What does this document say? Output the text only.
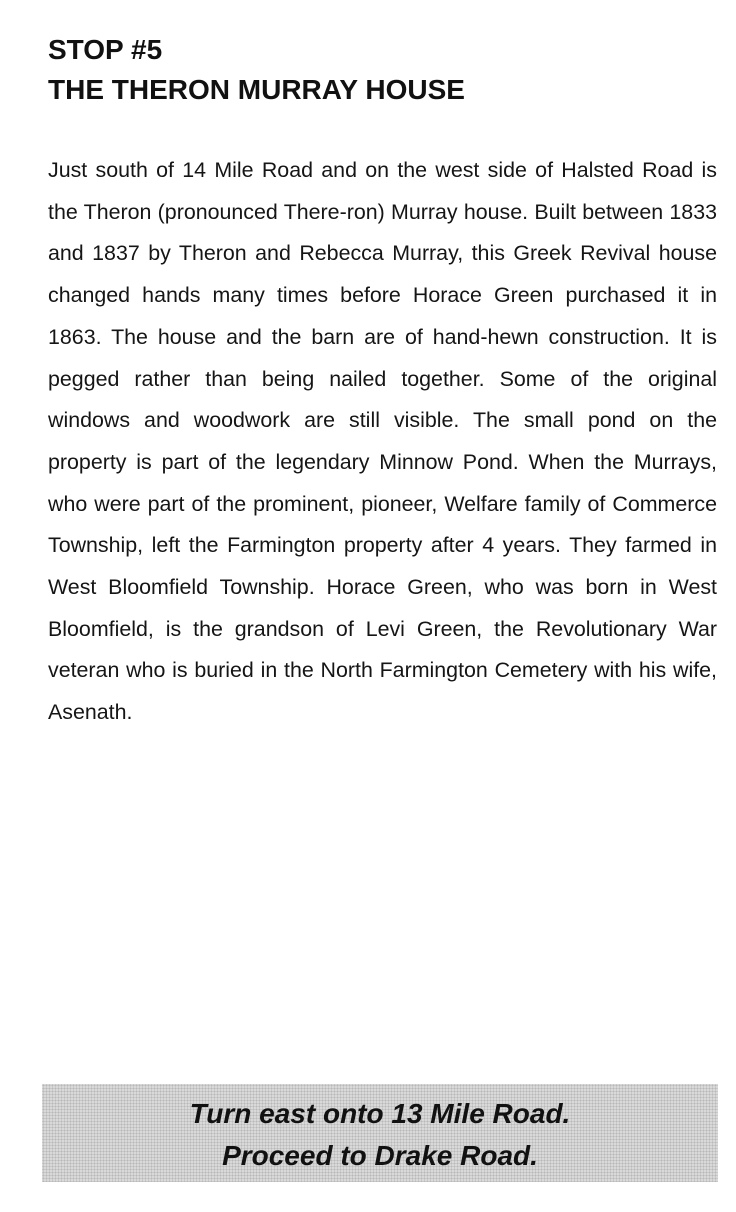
STOP #5
THE THERON MURRAY HOUSE

Just south of 14 Mile Road and on the west side of Halsted Road is the Theron (pronounced There-ron) Murray house. Built between 1833 and 1837 by Theron and Rebecca Murray, this Greek Revival house changed hands many times before Horace Green purchased it in 1863. The house and the barn are of hand-hewn construction. It is pegged rather than being nailed together. Some of the original windows and woodwork are still visible. The small pond on the property is part of the legendary Minnow Pond. When the Murrays, who were part of the prominent, pioneer, Welfare family of Commerce Township, left the Farmington property after 4 years. They farmed in West Bloomfield Township. Horace Green, who was born in West Bloomfield, is the grandson of Levi Green, the Revolutionary War veteran who is buried in the North Farmington Cemetery with his wife, Asenath.

Turn east onto 13 Mile Road.
Proceed to Drake Road.
